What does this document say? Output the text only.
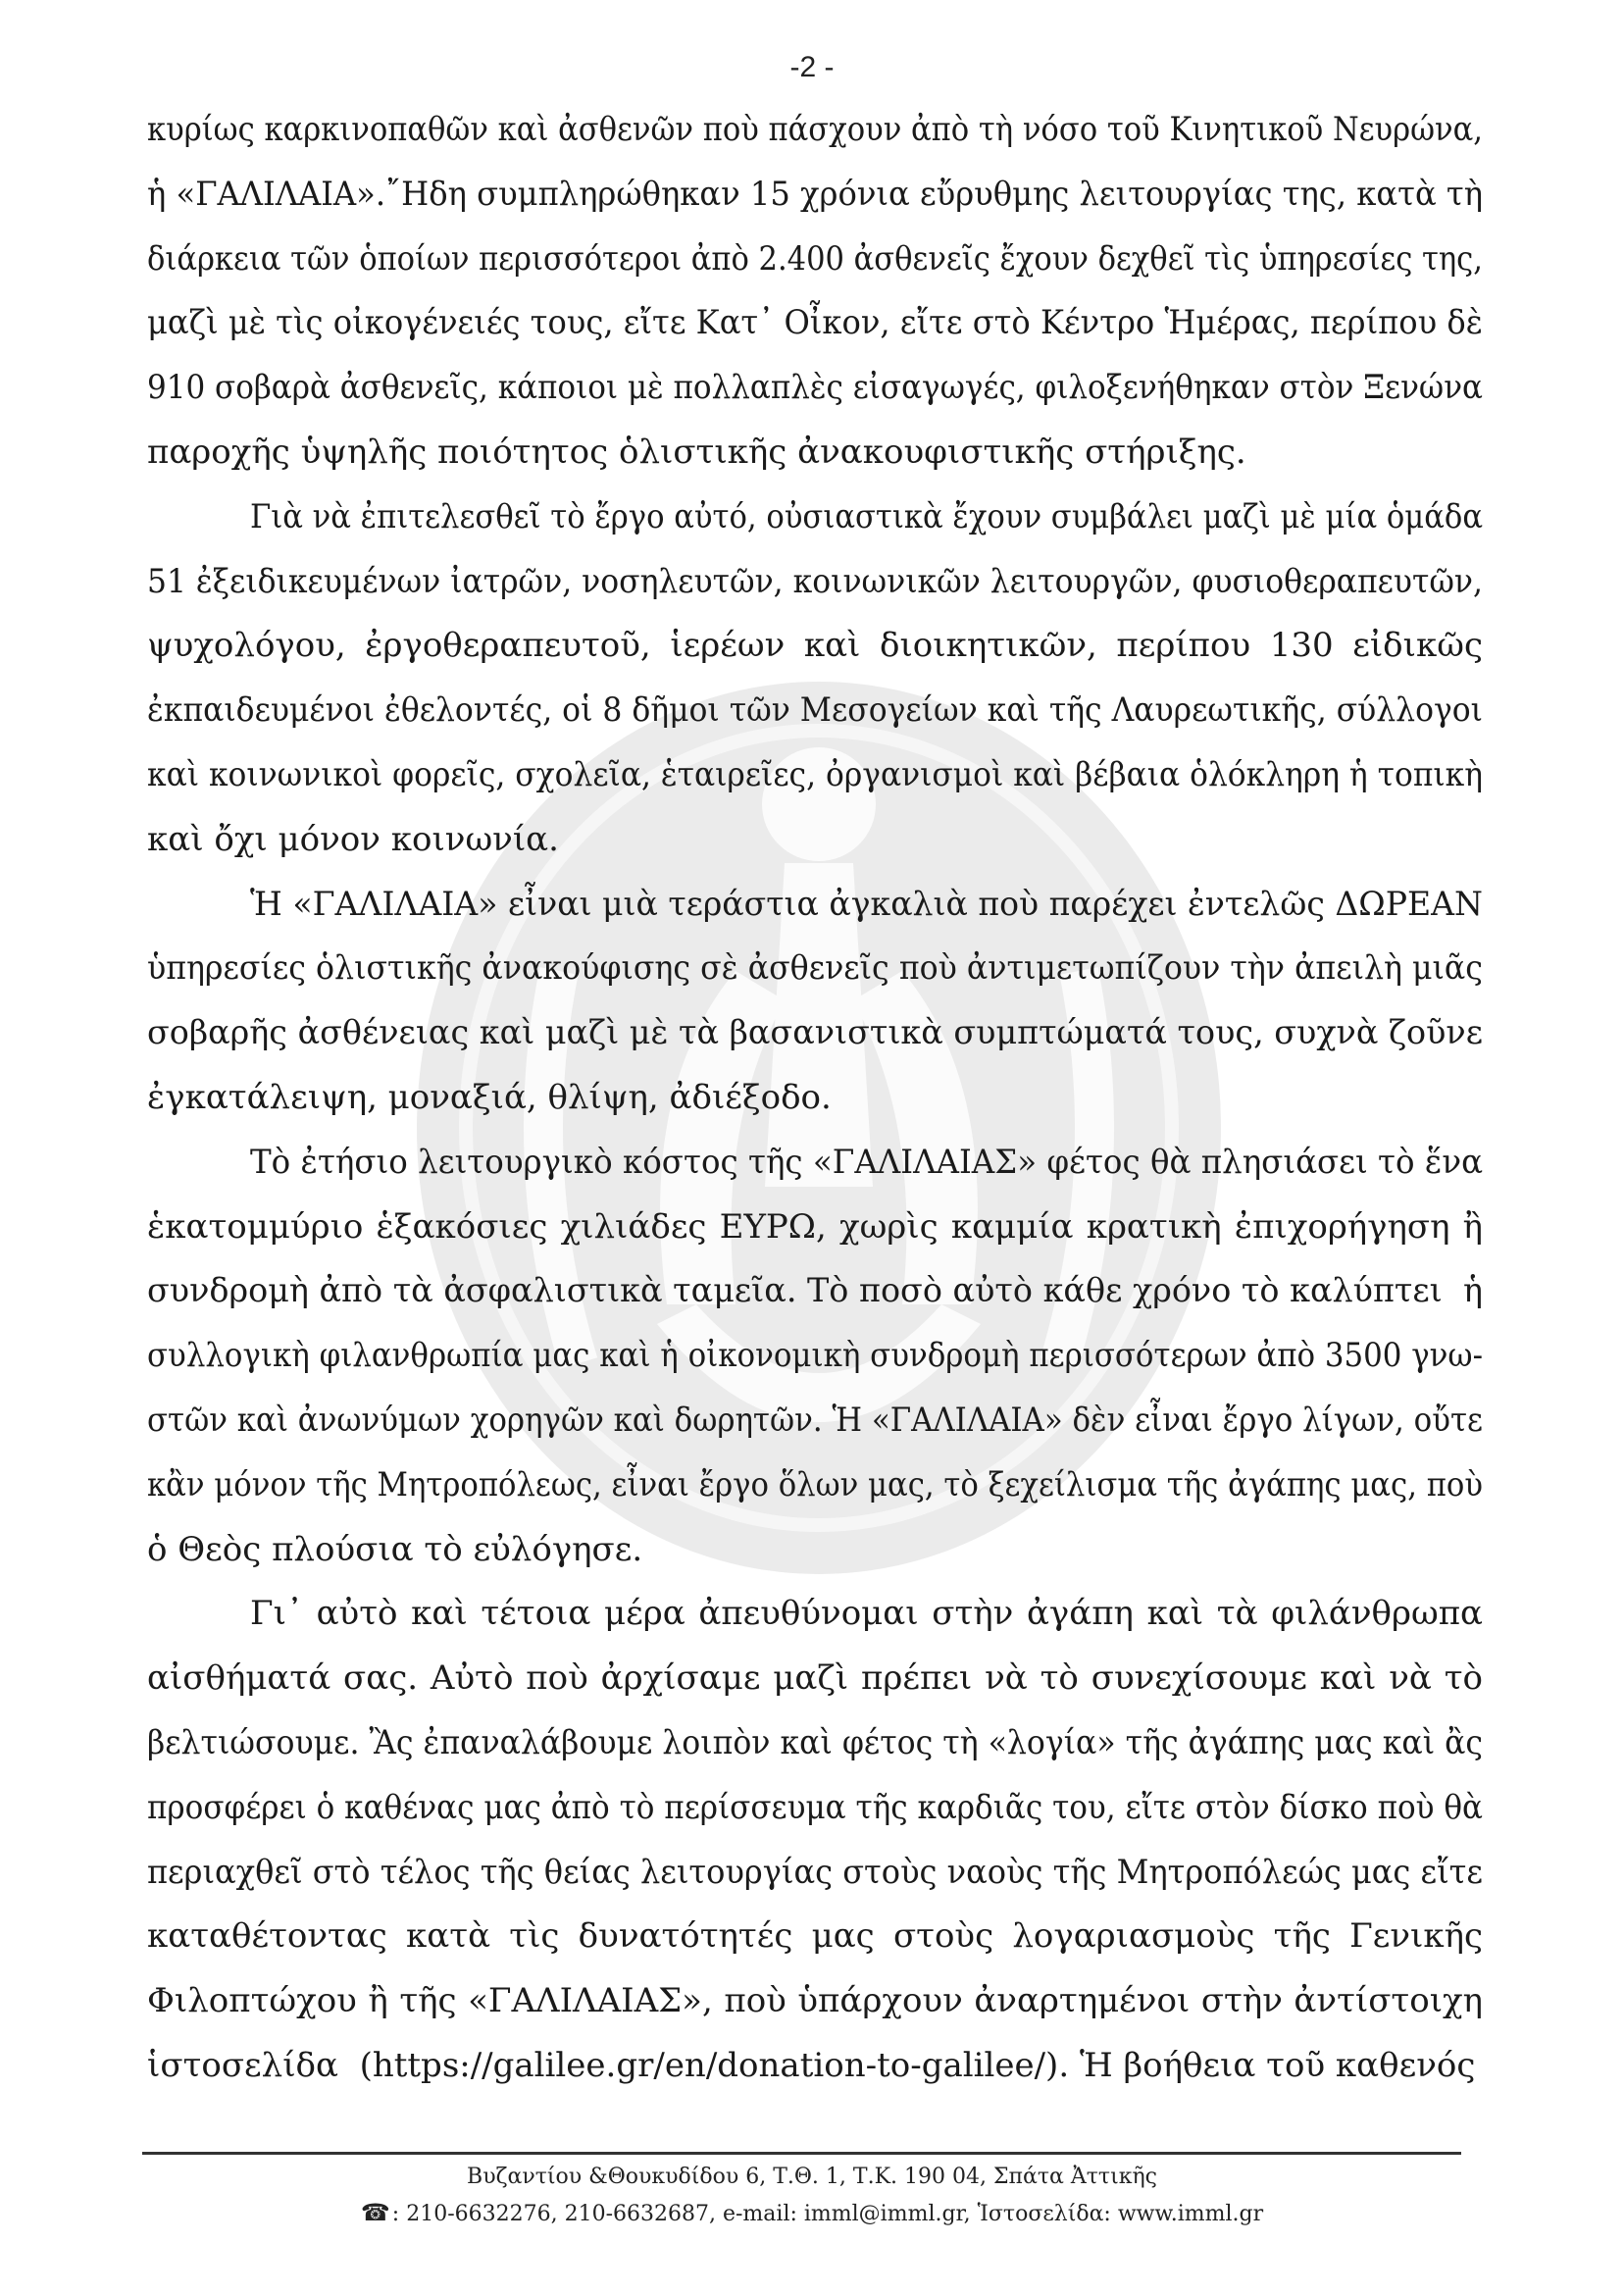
-2 -
κυρίως καρκινοπαθῶν καὶ ἀσθενῶν ποὺ πάσχουν ἀπὸ τὴ νόσο τοῦ Κινητικοῦ Νευρώνα,
ἡ «ΓΑΛΙΛΑΙΑ».῎Ηδη συμπληρώθηκαν 15 χρόνια εὔρυθμης λειτουργίας της, κατὰ τὴ
διάρκεια τῶν ὁποίων περισσότεροι ἀπὸ 2.400 ἀσθενεῖς ἔχουν δεχθεῖ τὶς ὑπηρεσίες της,
μαζὶ μὲ τὶς οἰκογένειές τους, εἴτε Κατ᾽ Οἶκον, εἴτε στὸ Κέντρο Ἡμέρας, περίπου δὲ
910 σοβαρὰ ἀσθενεῖς, κάποιοι μὲ πολλαπλὲς εἰσαγωγές, φιλοξενήθηκαν στὸν Ξενώνα
παροχῆς ὑψηλῆς ποιότητος ὁλιστικῆς ἀνακουφιστικῆς στήριξης.
Γιὰ νὰ ἐπιτελεσθεῖ τὸ ἔργο αὐτό, οὐσιαστικὰ ἔχουν συμβάλει μαζὶ μὲ μία ὁμάδα
51 ἐξειδικευμένων ἰατρῶν, νοσηλευτῶν, κοινωνικῶν λειτουργῶν, φυσιοθεραπευτῶν,
ψυχολόγου, ἐργοθεραπευτοῦ, ἱερέων καὶ διοικητικῶν, περίπου 130 εἰδικῶς
ἐκπαιδευμένοι ἐθελοντές, οἱ 8 δῆμοι τῶν Μεσογείων καὶ τῆς Λαυρεωτικῆς, σύλλογοι
καὶ κοινωνικοὶ φορεῖς, σχολεῖα, ἑταιρεῖες, ὀργανισμοὶ καὶ βέβαια ὁλόκληρη ἡ τοπικὴ
καὶ ὄχι μόνον κοινωνία.
Ἡ «ΓΑΛΙΛΑΙΑ» εἶναι μιὰ τεράστια ἀγκαλιὰ ποὺ παρέχει ἐντελῶς ΔΩΡΕΑΝ
ὑπηρεσίες ὁλιστικῆς ἀνακούφισης σὲ ἀσθενεῖς ποὺ ἀντιμετωπίζουν τὴν ἀπειλὴ μιᾶς
σοβαρῆς ἀσθένειας καὶ μαζὶ μὲ τὰ βασανιστικὰ συμπτώματά τους, συχνὰ ζοῦνε
ἐγκατάλειψη, μοναξιά, θλίψη, ἀδιέξοδο.
Τὸ ἐτήσιο λειτουργικὸ κόστος τῆς «ΓΑΛΙΛΑΙΑΣ» φέτος θὰ πλησιάσει τὸ ἕνα
ἑκατομμύριο ἑξακόσιες χιλιάδες ΕΥΡΩ, χωρὶς καμμία κρατικὴ ἐπιχορήγηση ἢ
συνδρομὴ ἀπὸ τὰ ἀσφαλιστικὰ ταμεῖα. Τὸ ποσὸ αὐτὸ κάθε χρόνο τὸ καλύπτει  ἡ
συλλογικὴ φιλανθρωπία μας καὶ ἡ οἰκονομικὴ συνδρομὴ περισσότερων ἀπὸ 3500 γνω-
στῶν καὶ ἀνωνύμων χορηγῶν καὶ δωρητῶν. Ἡ «ΓΑΛΙΛΑΙΑ» δὲν εἶναι ἔργο λίγων, οὔτε
κἂν μόνον τῆς Μητροπόλεως, εἶναι ἔργο ὅλων μας, τὸ ξεχείλισμα τῆς ἀγάπης μας, ποὺ
ὁ Θεὸς πλούσια τὸ εὐλόγησε.
Γι᾽ αὐτὸ καὶ τέτοια μέρα ἀπευθύνομαι στὴν ἀγάπη καὶ τὰ φιλάνθρωπα
αἰσθήματά σας. Αὐτὸ ποὺ ἀρχίσαμε μαζὶ πρέπει νὰ τὸ συνεχίσουμε καὶ νὰ τὸ
βελτιώσουμε. Ἂς ἐπαναλάβουμε λοιπὸν καὶ φέτος τὴ «λογία» τῆς ἀγάπης μας καὶ ἂς
προσφέρει ὁ καθένας μας ἀπὸ τὸ περίσσευμα τῆς καρδιᾶς του, εἴτε στὸν δίσκο ποὺ θὰ
περιαχθεῖ στὸ τέλος τῆς θείας λειτουργίας στοὺς ναοὺς τῆς Μητροπόλεώς μας εἴτε
καταθέτοντας κατὰ τὶς δυνατότητές μας στοὺς λογαριασμοὺς τῆς Γενικῆς
Φιλοπτώχου ἢ τῆς «ΓΑΛΙΛΑΙΑΣ», ποὺ ὑπάρχουν ἀναρτημένοι στὴν ἀντίστοιχη
ἱστοσελίδα  (https://galilee.gr/en/donation-to-galilee/). Ἡ βοήθεια τοῦ καθενός
Βυζαντίου &Θουκυδίδου 6, Τ.Θ. 1, Τ.Κ. 190 04, Σπάτα Ἀττικῆς
☎: 210-6632276, 210-6632687, e-mail: imml@imml.gr, Ἱστοσελίδα: www.imml.gr
